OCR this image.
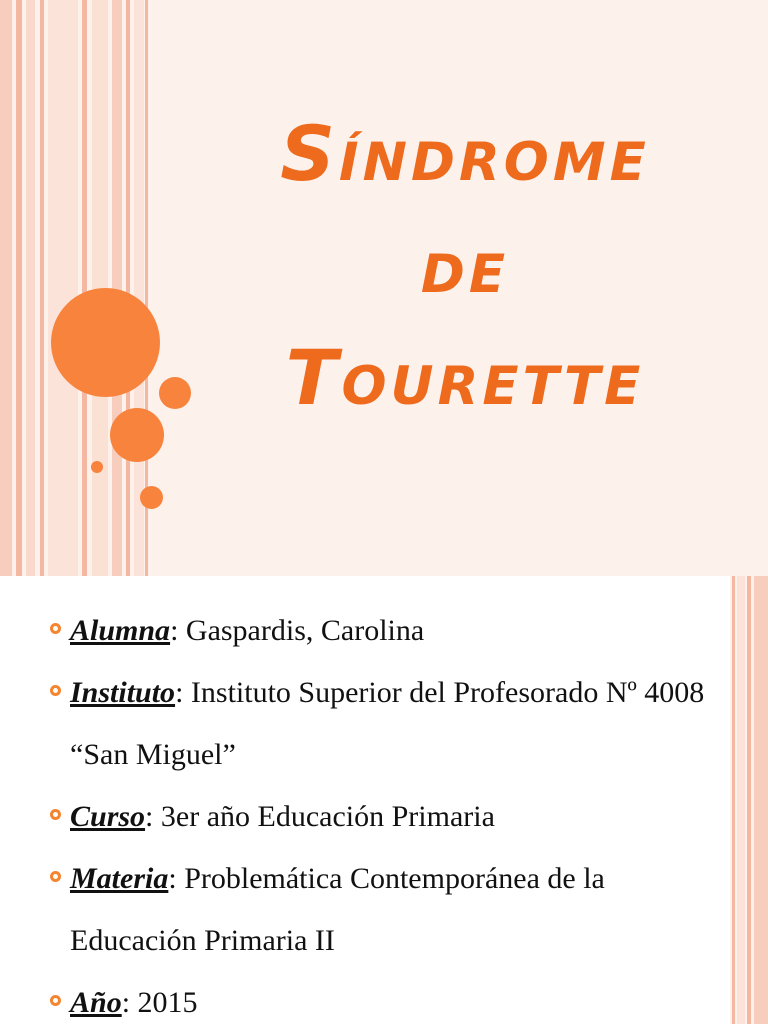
Síndrome
de
Tourette
Alumna: Gaspardis, Carolina
Instituto: Instituto Superior del Profesorado Nº 4008 “San Miguel”
Curso: 3er año Educación Primaria
Materia: Problemática Contemporánea de la Educación Primaria II
Año: 2015
